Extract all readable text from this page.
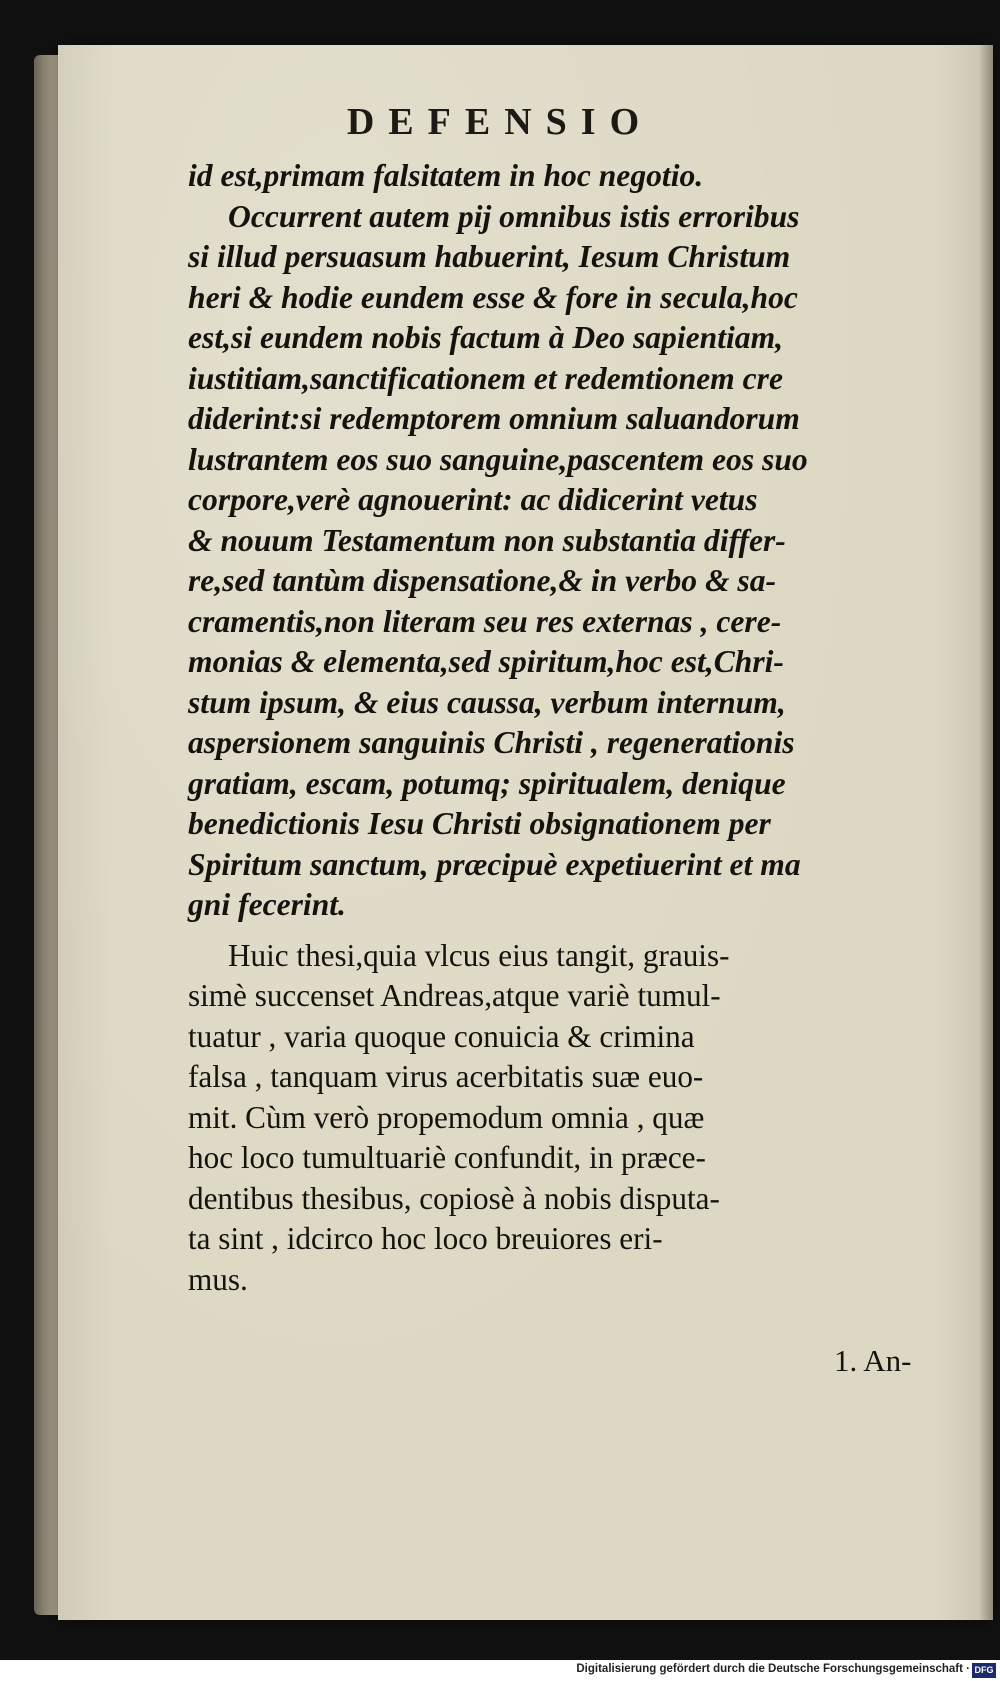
DEFENSIO

id est,primam falsitatem in hoc negotio.
Occurrent autem pij omnibus istis erroribus
si illud persuasum habuerint, Iesum Christum
heri & hodie eundem esse & fore in secula,hoc
est,si eundem nobis factum à Deo sapientiam,
iustitiam,sanctificationem et redemtionem cre
diderint:si redemptorem omnium saluandorum
lustrantem eos suo sanguine,pascentem eos suo
corpore,verè agnouerint: ac didicerint vetus
& nouum Testamentum non substantia differ-
re,sed tantùm dispensatione,& in verbo & sa-
cramentis,non literam seu res externas , cere-
monias & elementa,sed spiritum,hoc est,Chri-
stum ipsum, & eius caussa, verbum internum,
aspersionem sanguinis Christi , regenerationis
gratiam, escam, potumq; spiritualem, denique
benedictionis Iesu Christi obsignationem per
Spiritum sanctum, præcipuè expetiuerint et ma
gni fecerint.

Huic thesi,quia vlcus eius tangit, grauis-
simè succenset Andreas,atque variè tumul-
tuatur , varia quoque conuicia & crimina
falsa , tanquam virus acerbitatis suæ euo-
mit. Cùm verò propemodum omnia , quæ
hoc loco tumultuariè confundit, in præce-
dentibus thesibus, copiosè à nobis disputa-
ta sint , idcirco hoc loco breuiores eri-
mus.

1. An-
Digitalisierung gefördert durch die Deutsche Forschungsgemeinschaft · DFG
